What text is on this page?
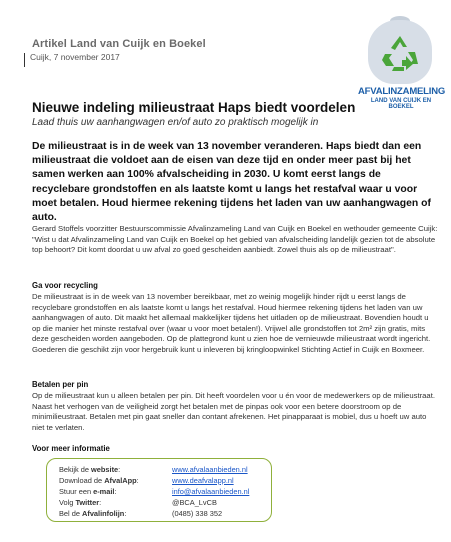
Artikel Land van Cuijk en Boekel
Cuijk, 7 november 2017
AFVALINZAMELING
LAND VAN CUIJK EN BOEKEL
Nieuwe indeling milieustraat Haps biedt voordelen
Laad thuis uw aanhangwagen en/of auto zo praktisch mogelijk in
De milieustraat is in de week van 13 november veranderen. Haps biedt dan een milieustraat die voldoet aan de eisen van deze tijd en onder meer past bij het samen werken aan 100% afvalscheiding in 2030. U komt eerst langs de recyclebare grondstoffen en als laatste komt u langs het restafval waar u voor moet betalen. Houd hiermee rekening tijdens het laden van uw aanhangwagen of auto.
Gerard Stoffels voorzitter Bestuurscommissie Afvalinzameling Land van Cuijk en Boekel en wethouder gemeente Cuijk: "Wist u dat Afvalinzameling Land van Cuijk en Boekel op het gebied van afvalscheiding landelijk gezien tot de absolute top behoort? Dit komt doordat u uw afval zo goed gescheiden aanbiedt. Zowel thuis als op de milieustraat".
Ga voor recycling
De milieustraat is in de week van 13 november bereikbaar, met zo weinig mogelijk hinder rijdt u eerst langs de recyclebare grondstoffen en als laatste komt u langs het restafval. Houd hiermee rekening tijdens het laden van uw aanhangwagen of auto. Dit maakt het allemaal makkelijker tijdens het uitladen op de milieustraat. Bovendien houdt u op die manier het minste restafval over (waar u voor moet betalen!). Vrijwel alle grondstoffen tot 2m² zijn gratis, mits deze gescheiden worden aangeboden. Op de plattegrond kunt u zien hoe de vernieuwde milieustraat wordt ingericht. Goederen die geschikt zijn voor hergebruik kunt u inleveren bij kringloopwinkel Stichting Actief in Cuijk en Boxmeer.
Betalen per pin
Op de milieustraat kun u alleen betalen per pin. Dit heeft voordelen voor u én voor de medewerkers op de milieustraat. Naast het verhogen van de veiligheid zorgt het betalen met de pinpas ook voor een betere doorstroom op de minimilieustraat. Betalen met pin gaat sneller dan contant afrekenen. Het pinapparaat is mobiel, dus u hoeft uw auto niet te verlaten.
Voor meer informatie
Bekijk de website:	www.afvalaanbieden.nl
Download de AfvalApp:	www.deafvalapp.nl
Stuur een e-mail:	info@afvalaanbieden.nl
Volg Twitter:	@BCA_LvCB
Bel de Afvalinfolijn:	(0485) 338 352
